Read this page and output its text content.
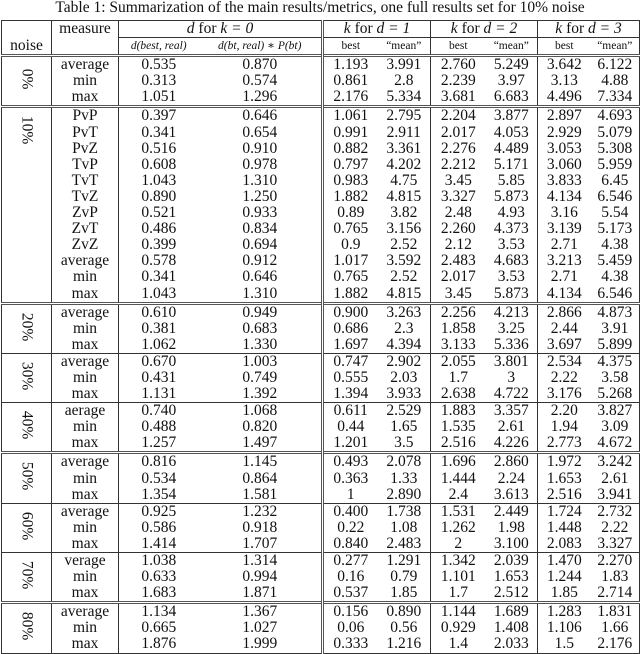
Table 1: Summarization of the main results/metrics, one full results set for 10% noise
	measure	d for k = 0		k for d = 1		k for d = 2		k for d = 3	
noise		d(best, real)	d(bt, real) ∗ P(bt)	best	“mean”	best	“mean”	best	“mean”
0%	average	0.535	0.870	1.193	3.991	2.760	5.249	3.642	6.122
	min	0.313	0.574	0.861	2.8	2.239	3.97	3.13	4.88
	max	1.051	1.296	2.176	5.334	3.681	6.683	4.496	7.334
10%	PvP	0.397	0.646	1.061	2.795	2.204	3.877	2.897	4.693
	PvT	0.341	0.654	0.991	2.911	2.017	4.053	2.929	5.079
	PvZ	0.516	0.910	0.882	3.361	2.276	4.489	3.053	5.308
	TvP	0.608	0.978	0.797	4.202	2.212	5.171	3.060	5.959
	TvT	1.043	1.310	0.983	4.75	3.45	5.85	3.833	6.45
	TvZ	0.890	1.250	1.882	4.815	3.327	5.873	4.134	6.546
	ZvP	0.521	0.933	0.89	3.82	2.48	4.93	3.16	5.54
	ZvT	0.486	0.834	0.765	3.156	2.260	4.373	3.139	5.173
	ZvZ	0.399	0.694	0.9	2.52	2.12	3.53	2.71	4.38
	average	0.578	0.912	1.017	3.592	2.483	4.683	3.213	5.459
	min	0.341	0.646	0.765	2.52	2.017	3.53	2.71	4.38
	max	1.043	1.310	1.882	4.815	3.45	5.873	4.134	6.546
20%	average	0.610	0.949	0.900	3.263	2.256	4.213	2.866	4.873
	min	0.381	0.683	0.686	2.3	1.858	3.25	2.44	3.91
	max	1.062	1.330	1.697	4.394	3.133	5.336	3.697	5.899
30%	average	0.670	1.003	0.747	2.902	2.055	3.801	2.534	4.375
	min	0.431	0.749	0.555	2.03	1.7	3	2.22	3.58
	max	1.131	1.392	1.394	3.933	2.638	4.722	3.176	5.268
40%	aerage	0.740	1.068	0.611	2.529	1.883	3.357	2.20	3.827
	min	0.488	0.820	0.44	1.65	1.535	2.61	1.94	3.09
	max	1.257	1.497	1.201	3.5	2.516	4.226	2.773	4.672
50%	average	0.816	1.145	0.493	2.078	1.696	2.860	1.972	3.242
	min	0.534	0.864	0.363	1.33	1.444	2.24	1.653	2.61
	max	1.354	1.581	1	2.890	2.4	3.613	2.516	3.941
60%	average	0.925	1.232	0.400	1.738	1.531	2.449	1.724	2.732
	min	0.586	0.918	0.22	1.08	1.262	1.98	1.448	2.22
	max	1.414	1.707	0.840	2.483	2	3.100	2.083	3.327
70%	verage	1.038	1.314	0.277	1.291	1.342	2.039	1.470	2.270
	min	0.633	0.994	0.16	0.79	1.101	1.653	1.244	1.83
	max	1.683	1.871	0.537	1.85	1.7	2.512	1.85	2.714
80%	average	1.134	1.367	0.156	0.890	1.144	1.689	1.283	1.831
	min	0.665	1.027	0.06	0.56	0.929	1.408	1.106	1.66
	max	1.876	1.999	0.333	1.216	1.4	2.033	1.5	2.176
